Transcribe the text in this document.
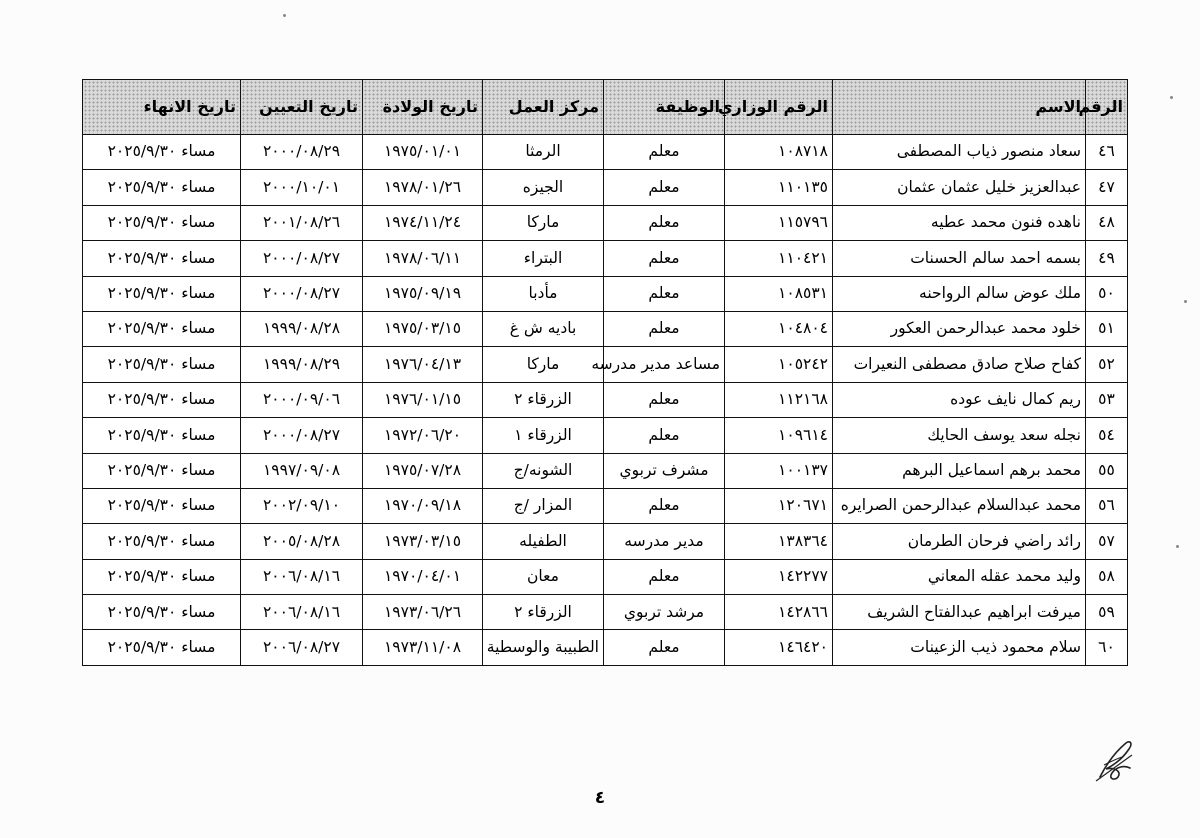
الرقم	الاسم	الرقم الوزاري	الوظيفة	مركز العمل	تاريخ الولادة	تاريخ التعيين	تاريخ الانهاء
٤٦	سعاد منصور ذياب المصطفى	١٠٨٧١٨	معلم	الرمثا	١٩٧٥/٠١/٠١	٢٠٠٠/٠٨/٢٩	مساء ٢٠٢٥/٩/٣٠
٤٧	عبدالعزيز خليل عثمان عثمان	١١٠١٣٥	معلم	الجيزه	١٩٧٨/٠١/٢٦	٢٠٠٠/١٠/٠١	مساء ٢٠٢٥/٩/٣٠
٤٨	ناهده فنون محمد عطيه	١١٥٧٩٦	معلم	ماركا	١٩٧٤/١١/٢٤	٢٠٠١/٠٨/٢٦	مساء ٢٠٢٥/٩/٣٠
٤٩	بسمه احمد سالم الحسنات	١١٠٤٢١	معلم	البتراء	١٩٧٨/٠٦/١١	٢٠٠٠/٠٨/٢٧	مساء ٢٠٢٥/٩/٣٠
٥٠	ملك عوض سالم الرواحنه	١٠٨٥٣١	معلم	مأدبا	١٩٧٥/٠٩/١٩	٢٠٠٠/٠٨/٢٧	مساء ٢٠٢٥/٩/٣٠
٥١	خلود محمد عبدالرحمن العكور	١٠٤٨٠٤	معلم	باديه ش غ	١٩٧٥/٠٣/١٥	١٩٩٩/٠٨/٢٨	مساء ٢٠٢٥/٩/٣٠
٥٢	كفاح صلاح صادق مصطفى النعيرات	١٠٥٢٤٢	مساعد مدير مدرسه	ماركا	١٩٧٦/٠٤/١٣	١٩٩٩/٠٨/٢٩	مساء ٢٠٢٥/٩/٣٠
٥٣	ريم كمال نايف عوده	١١٢١٦٨	معلم	الزرقاء ٢	١٩٧٦/٠١/١٥	٢٠٠٠/٠٩/٠٦	مساء ٢٠٢٥/٩/٣٠
٥٤	نجله سعد يوسف الحايك	١٠٩٦١٤	معلم	الزرقاء ١	١٩٧٢/٠٦/٢٠	٢٠٠٠/٠٨/٢٧	مساء ٢٠٢٥/٩/٣٠
٥٥	محمد برهم اسماعيل البرهم	١٠٠١٣٧	مشرف تربوي	الشونه/ج	١٩٧٥/٠٧/٢٨	١٩٩٧/٠٩/٠٨	مساء ٢٠٢٥/٩/٣٠
٥٦	محمد عبدالسلام عبدالرحمن الصرايره	١٢٠٦٧١	معلم	المزار /ج	١٩٧٠/٠٩/١٨	٢٠٠٢/٠٩/١٠	مساء ٢٠٢٥/٩/٣٠
٥٧	رائد راضي فرحان الطرمان	١٣٨٣٦٤	مدير مدرسه	الطفيله	١٩٧٣/٠٣/١٥	٢٠٠٥/٠٨/٢٨	مساء ٢٠٢٥/٩/٣٠
٥٨	وليد محمد عقله المعاني	١٤٢٢٧٧	معلم	معان	١٩٧٠/٠٤/٠١	٢٠٠٦/٠٨/١٦	مساء ٢٠٢٥/٩/٣٠
٥٩	ميرفت ابراهيم عبدالفتاح الشريف	١٤٢٨٦٦	مرشد تربوي	الزرقاء ٢	١٩٧٣/٠٦/٢٦	٢٠٠٦/٠٨/١٦	مساء ٢٠٢٥/٩/٣٠
٦٠	سلام محمود ذيب الزعينات	١٤٦٤٢٠	معلم	الطبيبة والوسطية	١٩٧٣/١١/٠٨	٢٠٠٦/٠٨/٢٧	مساء ٢٠٢٥/٩/٣٠
٤
